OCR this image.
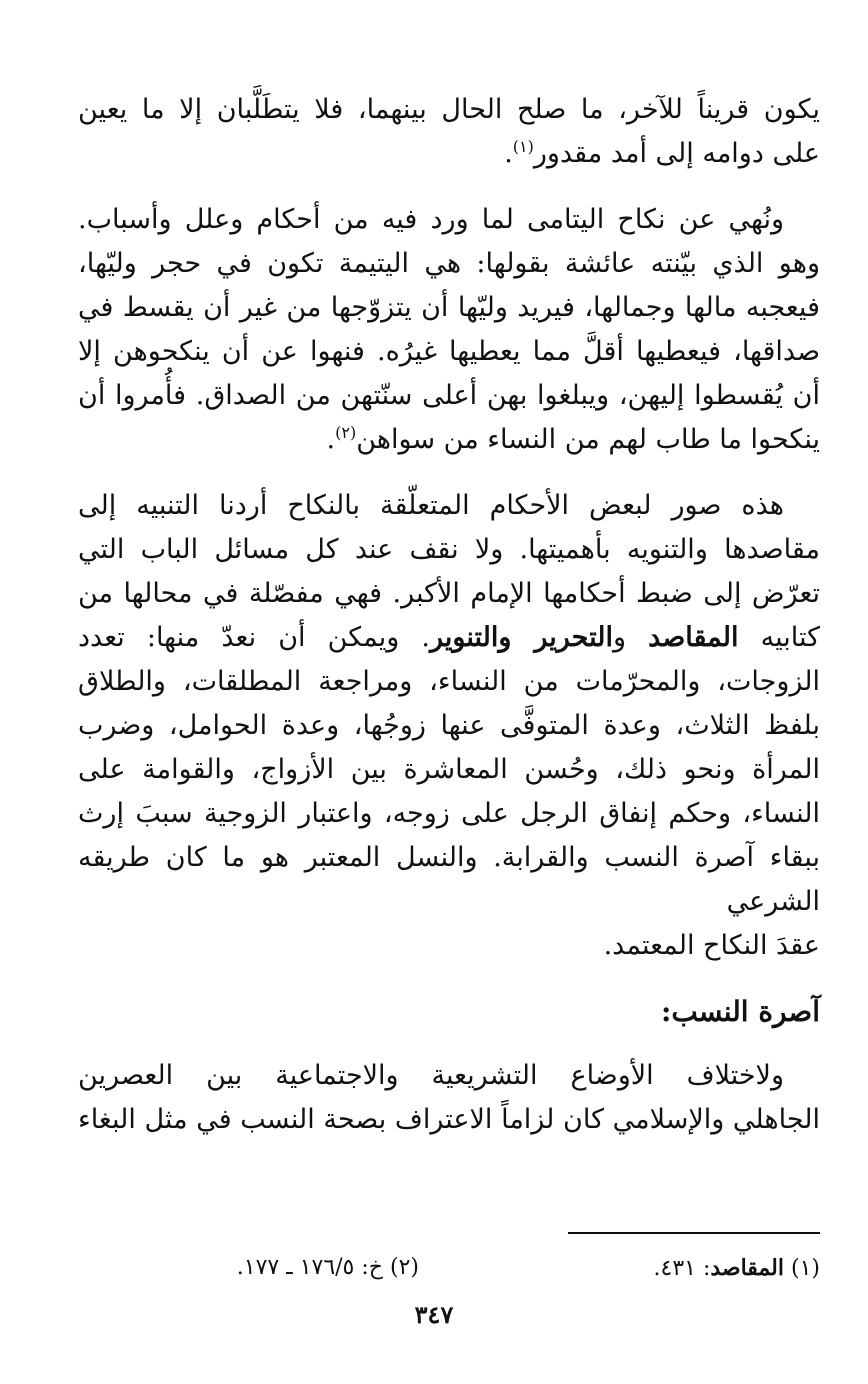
يكون قريناً للآخر، ما صلح الحال بينهما، فلا يتطَلَّبان إلا ما يعين
على دوامه إلى أمد مقدور$^{(١)}$.

ونُهي عن نكاح اليتامى لما ورد فيه من أحكام وعلل وأسباب.
وهو الذي بيّنته عائشة بقولها: هي اليتيمة تكون في حجر وليّها،
فيعجبه مالها وجمالها، فيريد وليّها أن يتزوّجها من غير أن يقسط في
صداقها، فيعطيها أقلَّ مما يعطيها غيرُه. فنهوا عن أن ينكحوهن إلا
أن يُقسطوا إليهن، ويبلغوا بهن أعلى سنّتهن من الصداق. فأُمروا أن
ينكحوا ما طاب لهم من النساء من سواهن$^{(٢)}$.

هذه صور لبعض الأحكام المتعلّقة بالنكاح أردنا التنبيه إلى
مقاصدها والتنويه بأهميتها. ولا نقف عند كل مسائل الباب التي
تعرّض إلى ضبط أحكامها الإمام الأكبر. فهي مفصّلة في محالها من
كتابيه المقاصد والتحرير والتنوير. ويمكن أن نعدّ منها: تعدد
الزوجات، والمحرّمات من النساء، ومراجعة المطلقات، والطلاق
بلفظ الثلاث، وعدة المتوفَّى عنها زوجُها، وعدة الحوامل، وضرب
المرأة ونحو ذلك، وحُسن المعاشرة بين الأزواج، والقوامة على
النساء، وحكم إنفاق الرجل على زوجه، واعتبار الزوجية سببَ إرث
ببقاء آصرة النسب والقرابة. والنسل المعتبر هو ما كان طريقه الشرعي
عقدَ النكاح المعتمد.

آصرة النسب:

ولاختلاف الأوضاع التشريعية والاجتماعية بين العصرين
الجاهلي والإسلامي كان لزاماً الاعتراف بصحة النسب في مثل البغاء

(١) المقاصد: ٤٣١.
(٢) خ: ١٧٦/٥ ـ ١٧٧.
٣٤٧
